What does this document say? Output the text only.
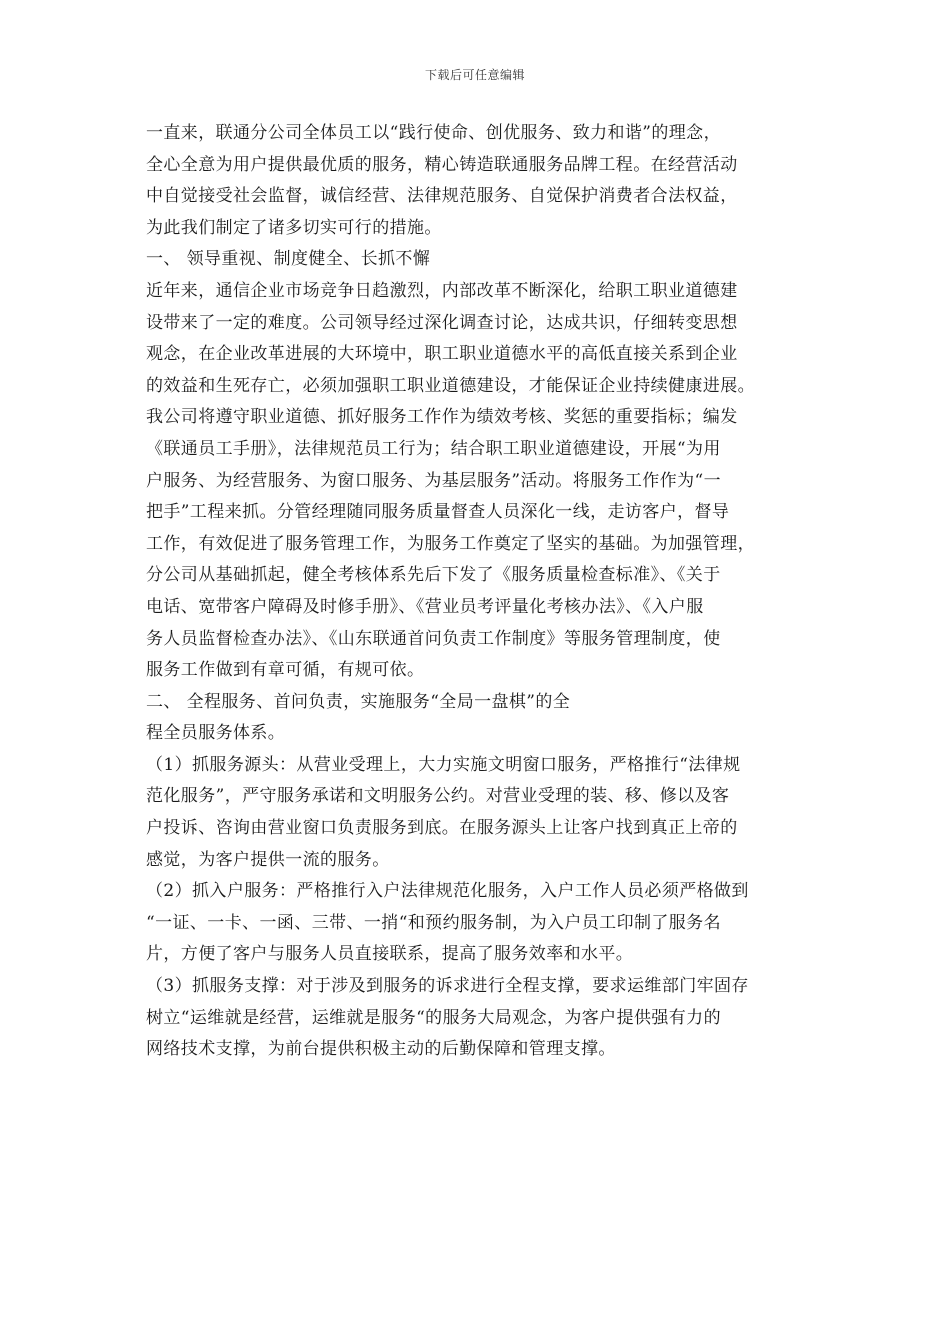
下载后可任意编辑
一直来，联通分公司全体员工以“践行使命、创优服务、致力和谐”的理念，
全心全意为用户提供最优质的服务，精心铸造联通服务品牌工程。在经营活动
中自觉接受社会监督，诚信经营、法律规范服务、自觉保护消费者合法权益，
为此我们制定了诸多切实可行的措施。
一、 领导重视、制度健全、长抓不懈
近年来，通信企业市场竞争日趋激烈，内部改革不断深化，给职工职业道德建
设带来了一定的难度。公司领导经过深化调查讨论，达成共识，仔细转变思想
观念，在企业改革进展的大环境中，职工职业道德水平的高低直接关系到企业
的效益和生死存亡，必须加强职工职业道德建设，才能保证企业持续健康进展。
我公司将遵守职业道德、抓好服务工作作为绩效考核、奖惩的重要指标；编发
《联通员工手册》，法律规范员工行为；结合职工职业道德建设，开展“为用
户服务、为经营服务、为窗口服务、为基层服务”活动。将服务工作作为“一
把手”工程来抓。分管经理随同服务质量督查人员深化一线，走访客户，督导
工作，有效促进了服务管理工作，为服务工作奠定了坚实的基础。为加强管理，
分公司从基础抓起，健全考核体系先后下发了《服务质量检查标准》、《关于
电话、宽带客户障碍及时修手册》、《营业员考评量化考核办法》、《入户服
务人员监督检查办法》、《山东联通首问负责工作制度》等服务管理制度，使
服务工作做到有章可循，有规可依。
二、 全程服务、首问负责，实施服务“全局一盘棋”的全
程全员服务体系。
（1）抓服务源头：从营业受理上，大力实施文明窗口服务，严格推行“法律规
范化服务”，严守服务承诺和文明服务公约。对营业受理的装、移、修以及客
户投诉、咨询由营业窗口负责服务到底。在服务源头上让客户找到真正上帝的
感觉，为客户提供一流的服务。
（2）抓入户服务：严格推行入户法律规范化服务，入户工作人员必须严格做到
“一证、一卡、一函、三带、一捎“和预约服务制，为入户员工印制了服务名
片，方便了客户与服务人员直接联系，提高了服务效率和水平。
（3）抓服务支撑：对于涉及到服务的诉求进行全程支撑，要求运维部门牢固存
树立“运维就是经营，运维就是服务“的服务大局观念，为客户提供强有力的
网络技术支撑，为前台提供积极主动的后勤保障和管理支撑。
